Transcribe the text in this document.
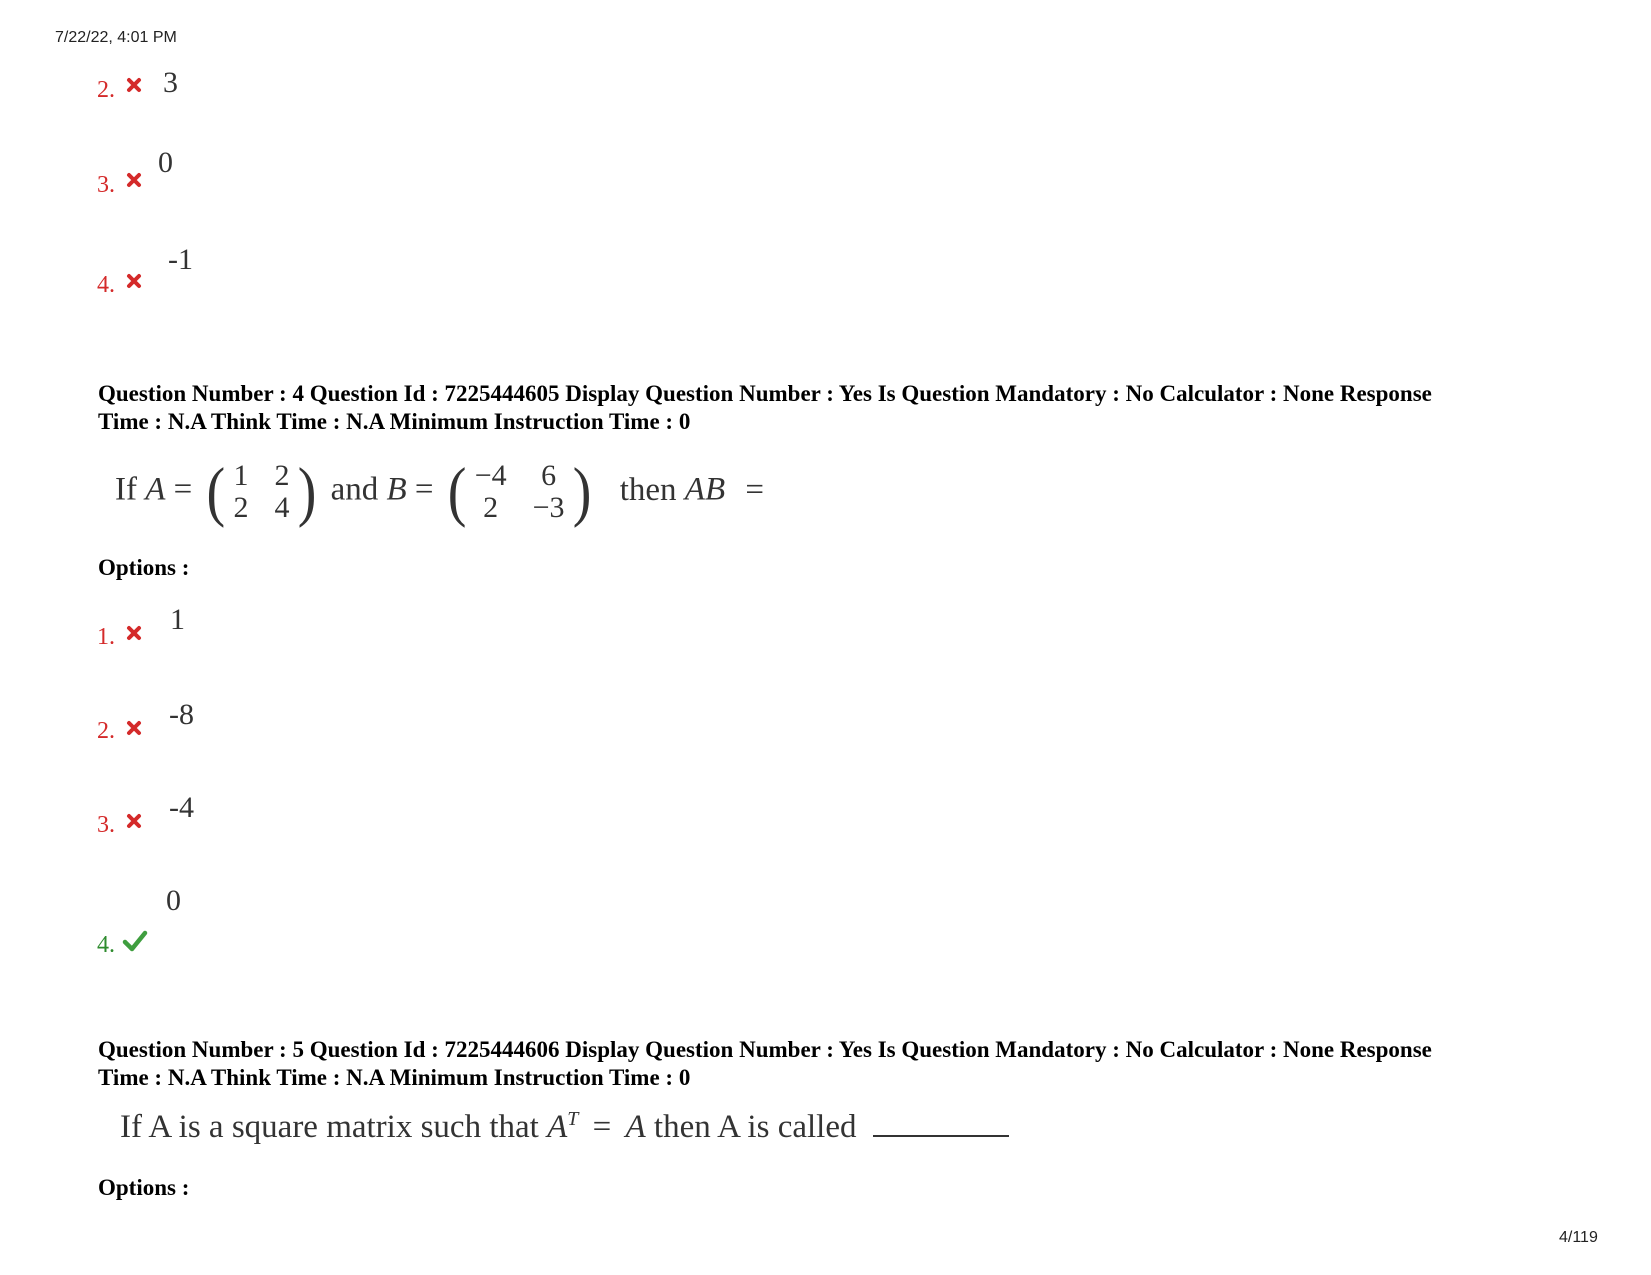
7/22/22, 4:01 PM
2. 3
3.
0
4.
-1
Question Number : 4 Question Id : 7225444605 Display Question Number : Yes Is Question Mandatory : No Calculator : None Response
Time : N.A Think Time : N.A Minimum Instruction Time : 0
If A = ( 1 2
2 4 ) and B = ( −4 6
2 −3 ) then AB =
Options :
1.
1
2. -8
3.
-4
4.
0
Question Number : 5 Question Id : 7225444606 Display Question Number : Yes Is Question Mandatory : No Calculator : None Response
Time : N.A Think Time : N.A Minimum Instruction Time : 0
If A is a square matrix such that $A^T = A$ then A is called
Options :
4/119
